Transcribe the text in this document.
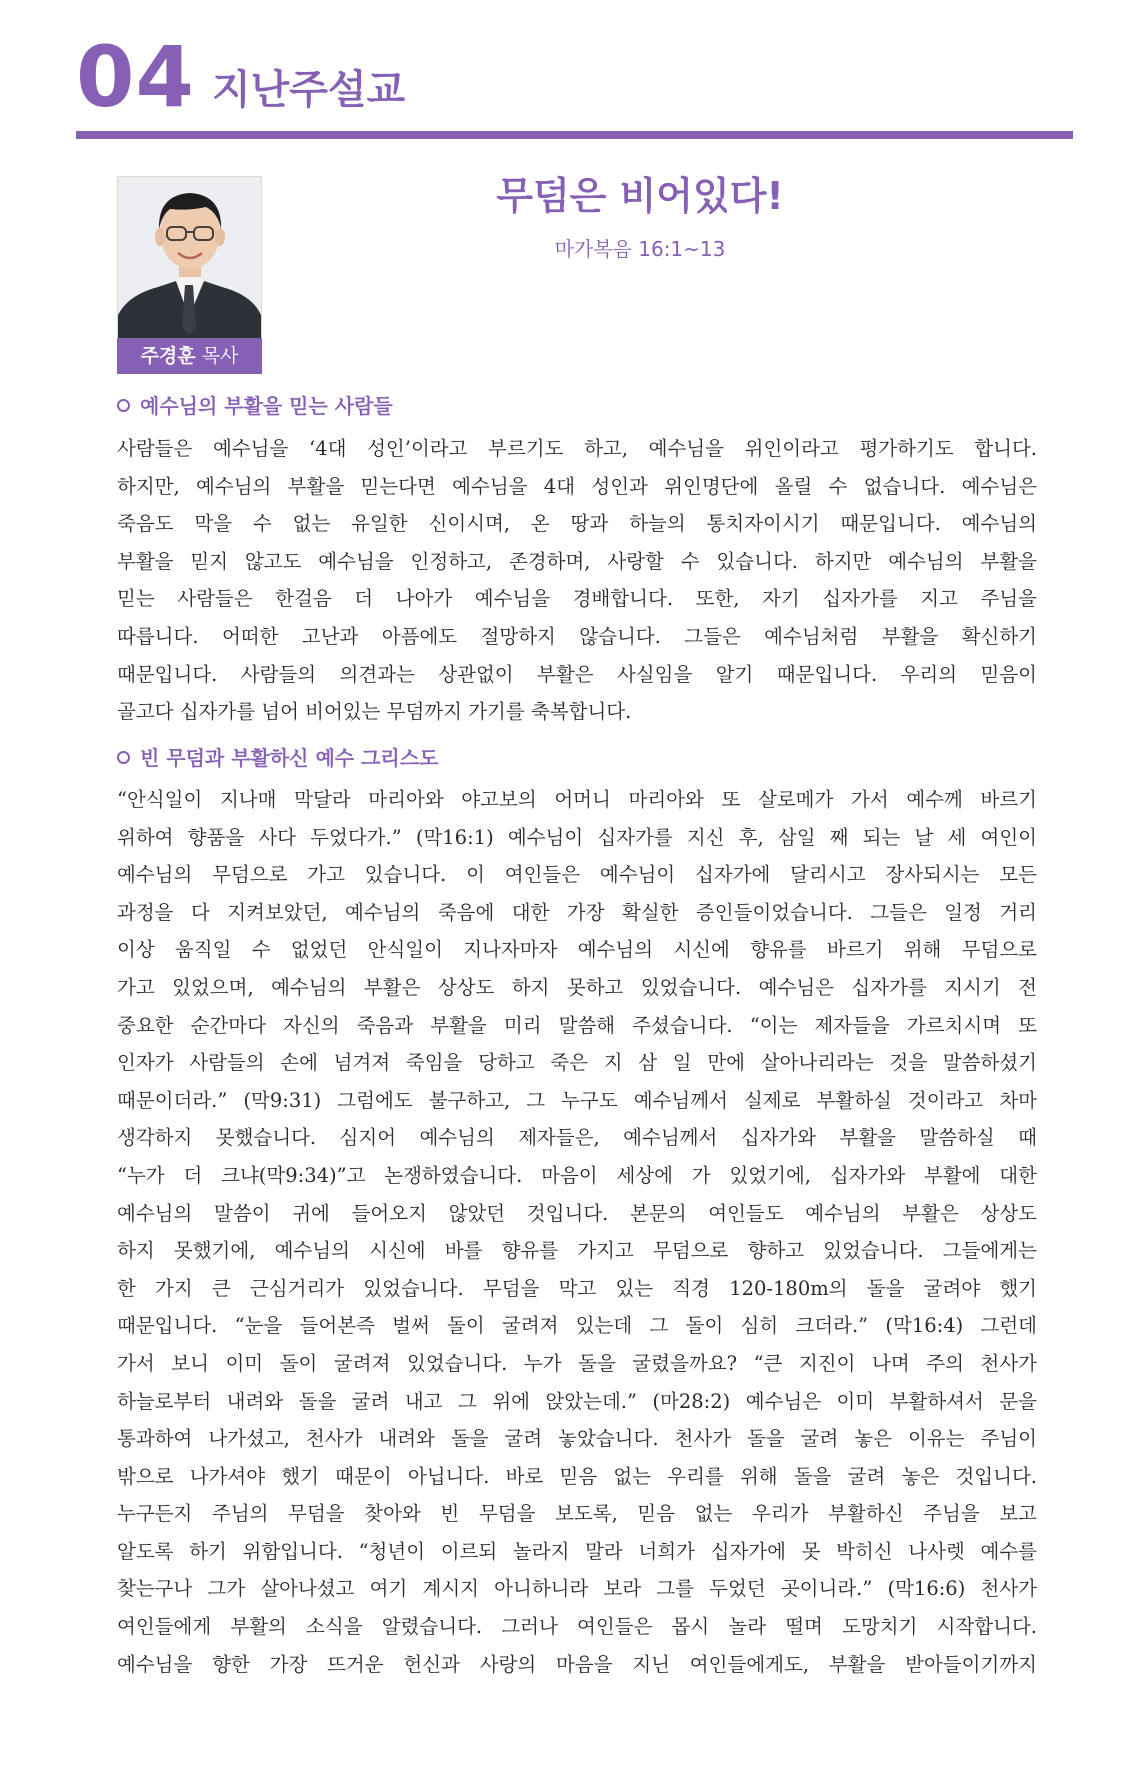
04 지난주설교
주경훈 목사
무덤은 비어있다!
마가복음 16:1~13
예수님의 부활을 믿는 사람들
사람들은 예수님을 ‘4대 성인’이라고 부르기도 하고, 예수님을 위인이라고 평가하기도 합니다.
하지만, 예수님의 부활을 믿는다면 예수님을 4대 성인과 위인명단에 올릴 수 없습니다. 예수님은
죽음도 막을 수 없는 유일한 신이시며, 온 땅과 하늘의 통치자이시기 때문입니다. 예수님의
부활을 믿지 않고도 예수님을 인정하고, 존경하며, 사랑할 수 있습니다. 하지만 예수님의 부활을
믿는 사람들은 한걸음 더 나아가 예수님을 경배합니다. 또한, 자기 십자가를 지고 주님을
따릅니다. 어떠한 고난과 아픔에도 절망하지 않습니다. 그들은 예수님처럼 부활을 확신하기
때문입니다. 사람들의 의견과는 상관없이 부활은 사실임을 알기 때문입니다. 우리의 믿음이
골고다 십자가를 넘어 비어있는 무덤까지 가기를 축복합니다.
빈 무덤과 부활하신 예수 그리스도
“안식일이 지나매 막달라 마리아와 야고보의 어머니 마리아와 또 살로메가 가서 예수께 바르기
위하여 향품을 사다 두었다가.” (막16:1) 예수님이 십자가를 지신 후, 삼일 째 되는 날 세 여인이
예수님의 무덤으로 가고 있습니다. 이 여인들은 예수님이 십자가에 달리시고 장사되시는 모든
과정을 다 지켜보았던, 예수님의 죽음에 대한 가장 확실한 증인들이었습니다. 그들은 일정 거리
이상 움직일 수 없었던 안식일이 지나자마자 예수님의 시신에 향유를 바르기 위해 무덤으로
가고 있었으며, 예수님의 부활은 상상도 하지 못하고 있었습니다. 예수님은 십자가를 지시기 전
중요한 순간마다 자신의 죽음과 부활을 미리 말씀해 주셨습니다. “이는 제자들을 가르치시며 또
인자가 사람들의 손에 넘겨져 죽임을 당하고 죽은 지 삼 일 만에 살아나리라는 것을 말씀하셨기
때문이더라.” (막9:31) 그럼에도 불구하고, 그 누구도 예수님께서 실제로 부활하실 것이라고 차마
생각하지 못했습니다. 심지어 예수님의 제자들은, 예수님께서 십자가와 부활을 말씀하실 때
“누가 더 크냐(막9:34)”고 논쟁하였습니다. 마음이 세상에 가 있었기에, 십자가와 부활에 대한
예수님의 말씀이 귀에 들어오지 않았던 것입니다. 본문의 여인들도 예수님의 부활은 상상도
하지 못했기에, 예수님의 시신에 바를 향유를 가지고 무덤으로 향하고 있었습니다. 그들에게는
한 가지 큰 근심거리가 있었습니다. 무덤을 막고 있는 직경 120-180m의 돌을 굴려야 했기
때문입니다. “눈을 들어본즉 벌써 돌이 굴려져 있는데 그 돌이 심히 크더라.” (막16:4) 그런데
가서 보니 이미 돌이 굴려져 있었습니다. 누가 돌을 굴렸을까요? “큰 지진이 나며 주의 천사가
하늘로부터 내려와 돌을 굴려 내고 그 위에 앉았는데.” (마28:2) 예수님은 이미 부활하셔서 문을
통과하여 나가셨고, 천사가 내려와 돌을 굴려 놓았습니다. 천사가 돌을 굴려 놓은 이유는 주님이
밖으로 나가셔야 했기 때문이 아닙니다. 바로 믿음 없는 우리를 위해 돌을 굴려 놓은 것입니다.
누구든지 주님의 무덤을 찾아와 빈 무덤을 보도록, 믿음 없는 우리가 부활하신 주님을 보고
알도록 하기 위함입니다. “청년이 이르되 놀라지 말라 너희가 십자가에 못 박히신 나사렛 예수를
찾는구나 그가 살아나셨고 여기 계시지 아니하니라 보라 그를 두었던 곳이니라.” (막16:6) 천사가
여인들에게 부활의 소식을 알렸습니다. 그러나 여인들은 몹시 놀라 떨며 도망치기 시작합니다.
예수님을 향한 가장 뜨거운 헌신과 사랑의 마음을 지닌 여인들에게도, 부활을 받아들이기까지
